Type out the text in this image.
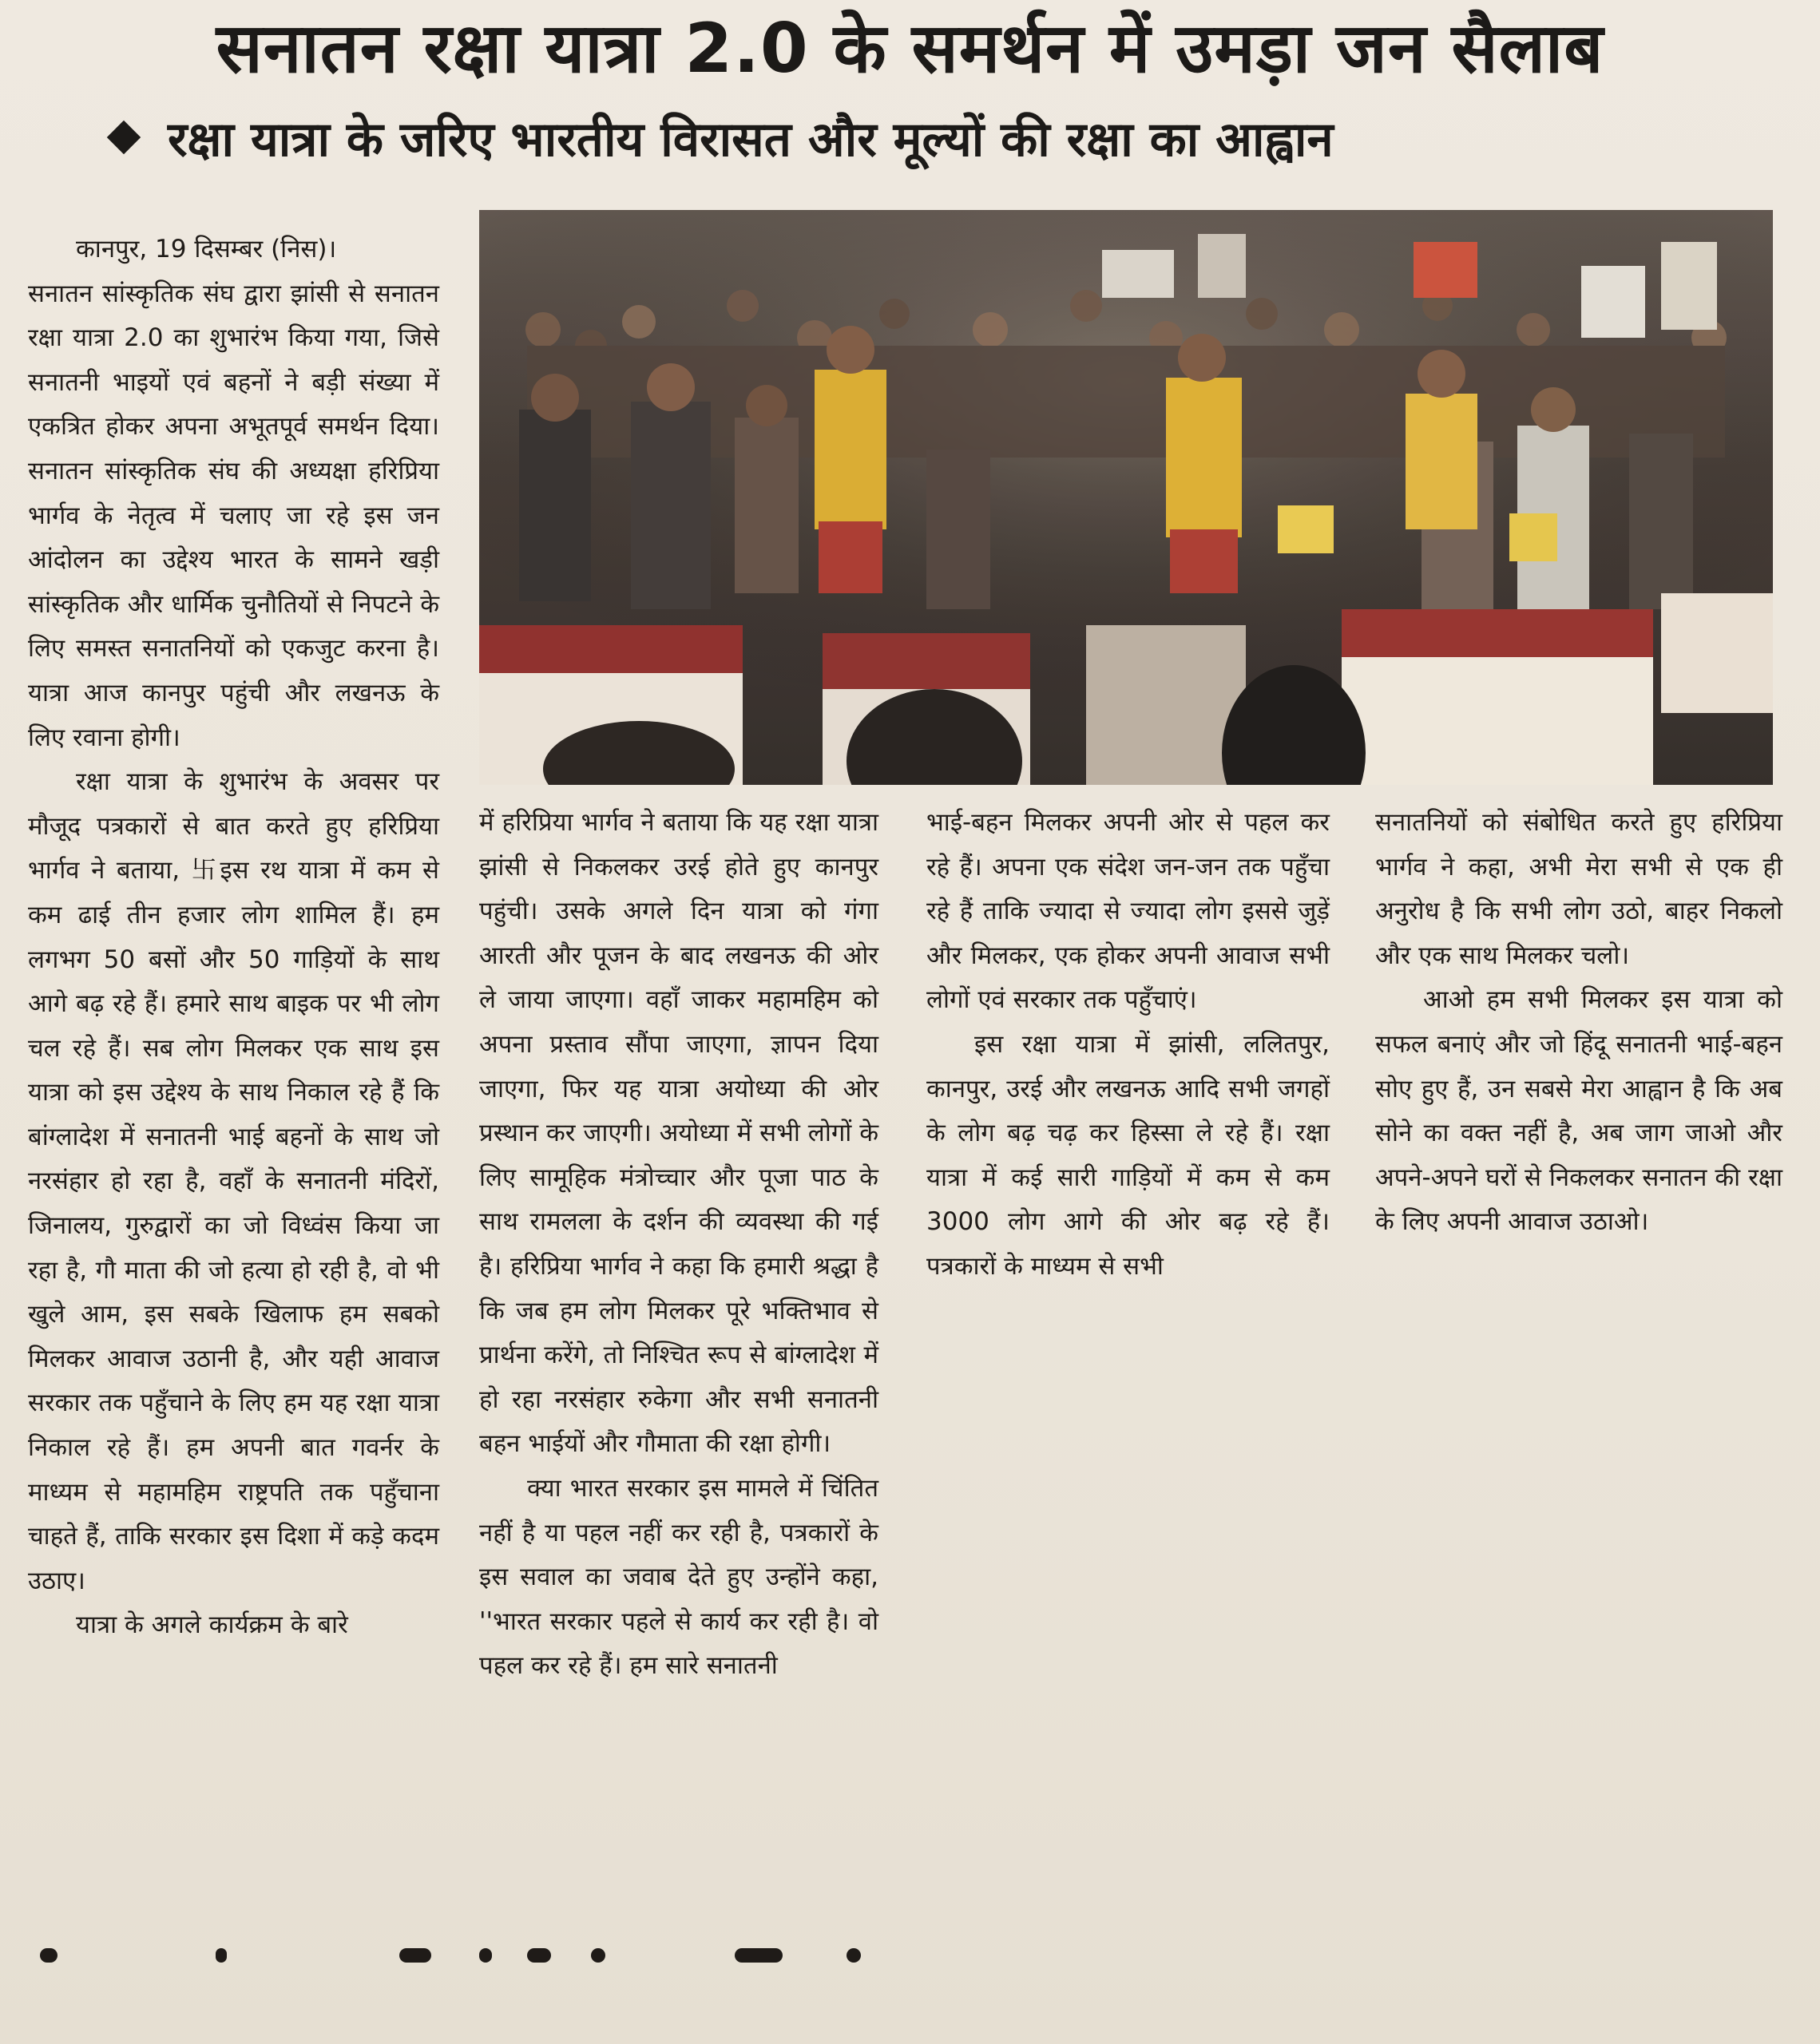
सनातन रक्षा यात्रा 2.0 के समर्थन में उमड़ा जन सैलाब
रक्षा यात्रा के जरिए भारतीय विरासत और मूल्यों की रक्षा का आह्वान

कानपुर, 19 दिसम्बर (निस)।

सनातन सांस्कृतिक संघ द्वारा झांसी से सनातन रक्षा यात्रा 2.0 का शुभारंभ किया गया, जिसे सनातनी भाइयों एवं बहनों ने बड़ी संख्या में एकत्रित होकर अपना अभूतपूर्व समर्थन दिया। सनातन सांस्कृतिक संघ की अध्यक्षा हरिप्रिया भार्गव के नेतृत्व में चलाए जा रहे इस जन आंदोलन का उद्देश्य भारत के सामने खड़ी सांस्कृतिक और धार्मिक चुनौतियों से निपटने के लिए समस्त सनातनियों को एकजुट करना है। यात्रा आज कानपुर पहुंची और लखनऊ के लिए रवाना होगी।

रक्षा यात्रा के शुभारंभ के अवसर पर मौजूद पत्रकारों से बात करते हुए हरिप्रिया भार्गव ने बताया, 卐इस रथ यात्रा में कम से कम ढाई तीन हजार लोग शामिल हैं। हम लगभग 50 बसों और 50 गाड़ियों के साथ आगे बढ़ रहे हैं। हमारे साथ बाइक पर भी लोग चल रहे हैं। सब लोग मिलकर एक साथ इस यात्रा को इस उद्देश्य के साथ निकाल रहे हैं कि बांग्लादेश में सनातनी भाई बहनों के साथ जो नरसंहार हो रहा है, वहाँ के सनातनी मंदिरों, जिनालय, गुरुद्वारों का जो विध्वंस किया जा रहा है, गौ माता की जो हत्या हो रही है, वो भी खुले आम, इस सबके खिलाफ हम सबको मिलकर आवाज उठानी है, और यही आवाज सरकार तक पहुँचाने के लिए हम यह रक्षा यात्रा निकाल रहे हैं। हम अपनी बात गवर्नर के माध्यम से महामहिम राष्ट्रपति तक पहुँचाना चाहते हैं, ताकि सरकार इस दिशा में कड़े कदम उठाए।

यात्रा के अगले कार्यक्रम के बारे

में हरिप्रिया भार्गव ने बताया कि यह रक्षा यात्रा झांसी से निकलकर उरई होते हुए कानपुर पहुंची। उसके अगले दिन यात्रा को गंगा आरती और पूजन के बाद लखनऊ की ओर ले जाया जाएगा। वहाँ जाकर महामहिम को अपना प्रस्ताव सौंपा जाएगा, ज्ञापन दिया जाएगा, फिर यह यात्रा अयोध्या की ओर प्रस्थान कर जाएगी। अयोध्या में सभी लोगों के लिए सामूहिक मंत्रोच्चार और पूजा पाठ के साथ रामलला के दर्शन की व्यवस्था की गई है। हरिप्रिया भार्गव ने कहा कि हमारी श्रद्धा है कि जब हम लोग मिलकर पूरे भक्तिभाव से प्रार्थना करेंगे, तो निश्चित रूप से बांग्लादेश में हो रहा नरसंहार रुकेगा और सभी सनातनी बहन भाईयों और गौमाता की रक्षा होगी।

क्या भारत सरकार इस मामले में चिंतित नहीं है या पहल नहीं कर रही है, पत्रकारों के इस सवाल का जवाब देते हुए उन्होंने कहा, ''भारत सरकार पहले से कार्य कर रही है। वो पहल कर रहे हैं। हम सारे सनातनी

भाई-बहन मिलकर अपनी ओर से पहल कर रहे हैं। अपना एक संदेश जन-जन तक पहुँचा रहे हैं ताकि ज्यादा से ज्यादा लोग इससे जुड़ें और मिलकर, एक होकर अपनी आवाज सभी लोगों एवं सरकार तक पहुँचाएं।

इस रक्षा यात्रा में झांसी, ललितपुर, कानपुर, उरई और लखनऊ आदि सभी जगहों के लोग बढ़ चढ़ कर हिस्सा ले रहे हैं। रक्षा यात्रा में कई सारी गाड़ियों में कम से कम 3000 लोग आगे की ओर बढ़ रहे हैं। पत्रकारों के माध्यम से सभी

सनातनियों को संबोधित करते हुए हरिप्रिया भार्गव ने कहा, अभी मेरा सभी से एक ही अनुरोध है कि सभी लोग उठो, बाहर निकलो और एक साथ मिलकर चलो।

आओ हम सभी मिलकर इस यात्रा को सफल बनाएं और जो हिंदू सनातनी भाई-बहन सोए हुए हैं, उन सबसे मेरा आह्वान है कि अब सोने का वक्त नहीं है, अब जाग जाओ और अपने-अपने घरों से निकलकर सनातन की रक्षा के लिए अपनी आवाज उठाओ।
